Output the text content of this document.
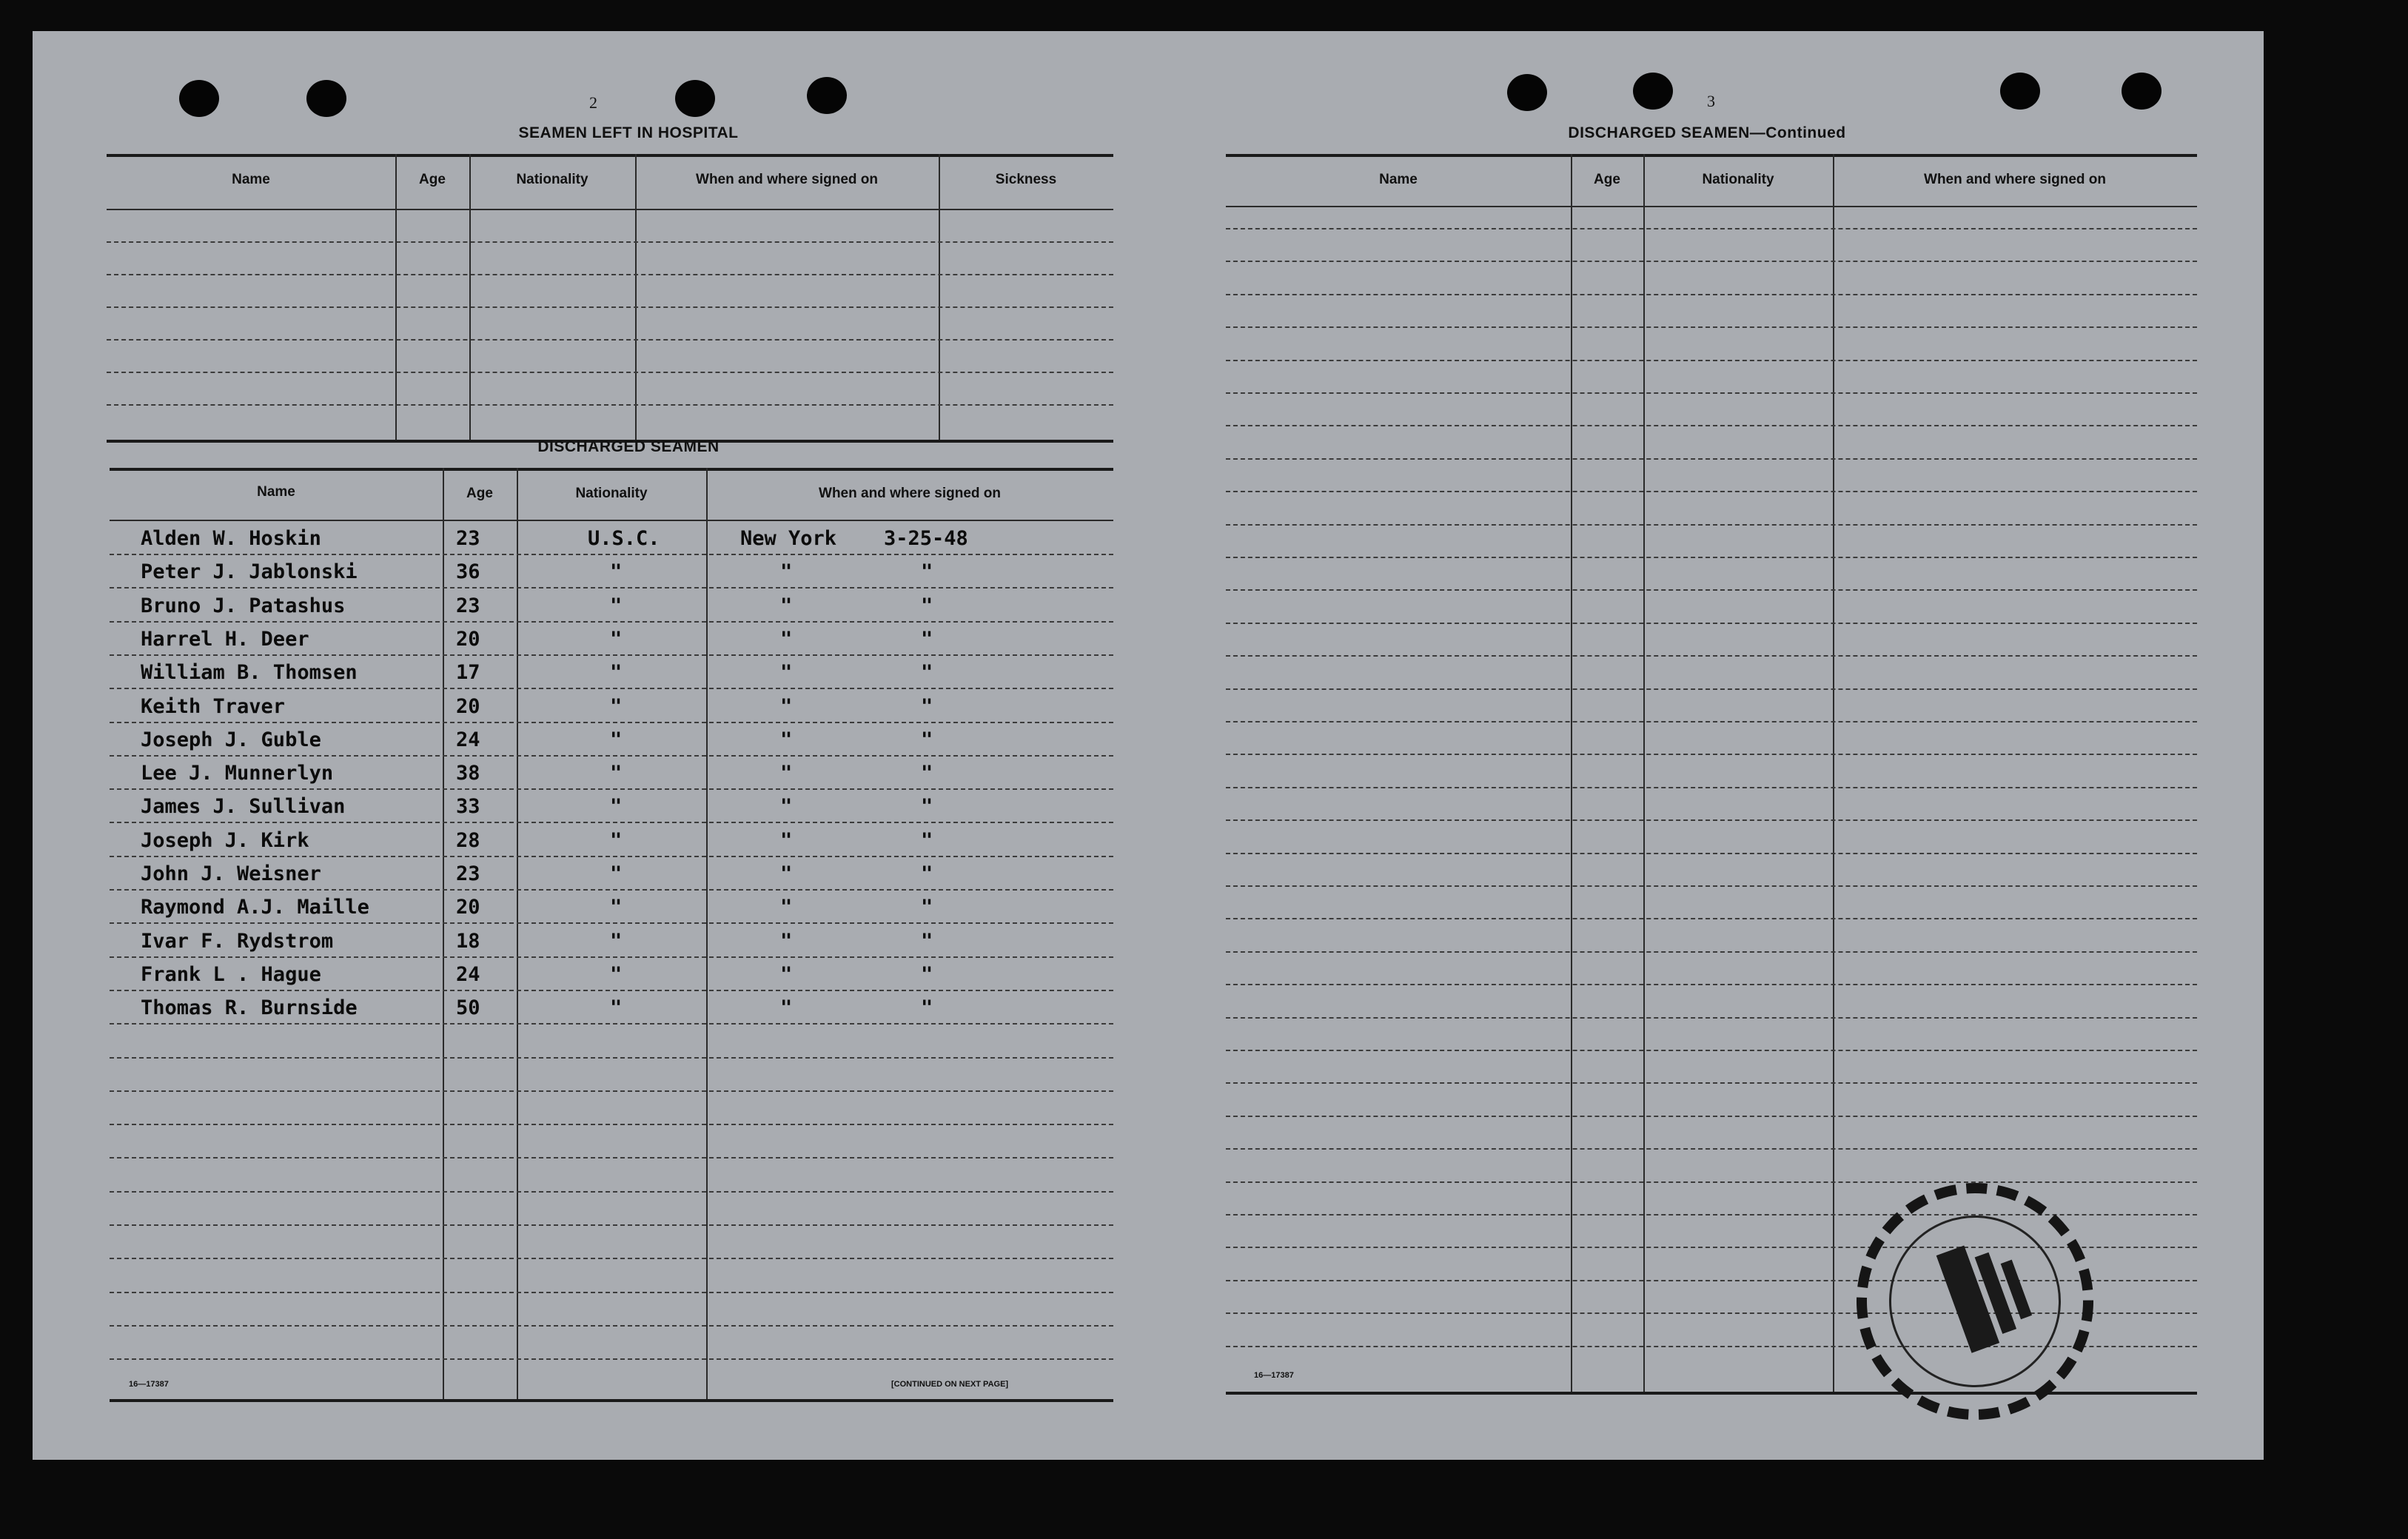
2
SEAMEN LEFT IN HOSPITAL
Name	Age	Nationality	When and where signed on	Sickness
DISCHARGED SEAMEN
Name	Age	Nationality	When and where signed on
Alden W. Hoskin	23	U.S.C.	New York 3-25-48
Peter J. Jablonski	36	"	"	"
Bruno J. Patashus	23	"	"	"
Harrel H. Deer	20	"	"	"
William B. Thomsen	17	"	"	"
Keith Traver	20	"	"	"
Joseph J. Guble	24	"	"	"
Lee J. Munnerlyn	38	"	"	"
James J. Sullivan	33	"	"	"
Joseph J. Kirk	28	"	"	"
John J. Weisner	23	"	"	"
Raymond A.J. Maille	20	"	"	"
Ivar F. Rydstrom	18	"	"	"
Frank L . Hague	24	"	"	"
Thomas R. Burnside	50	"	"	"
16—17387	[CONTINUED ON NEXT PAGE]
3
DISCHARGED SEAMEN—Continued
Name	Age	Nationality	When and where signed on
16—17387
